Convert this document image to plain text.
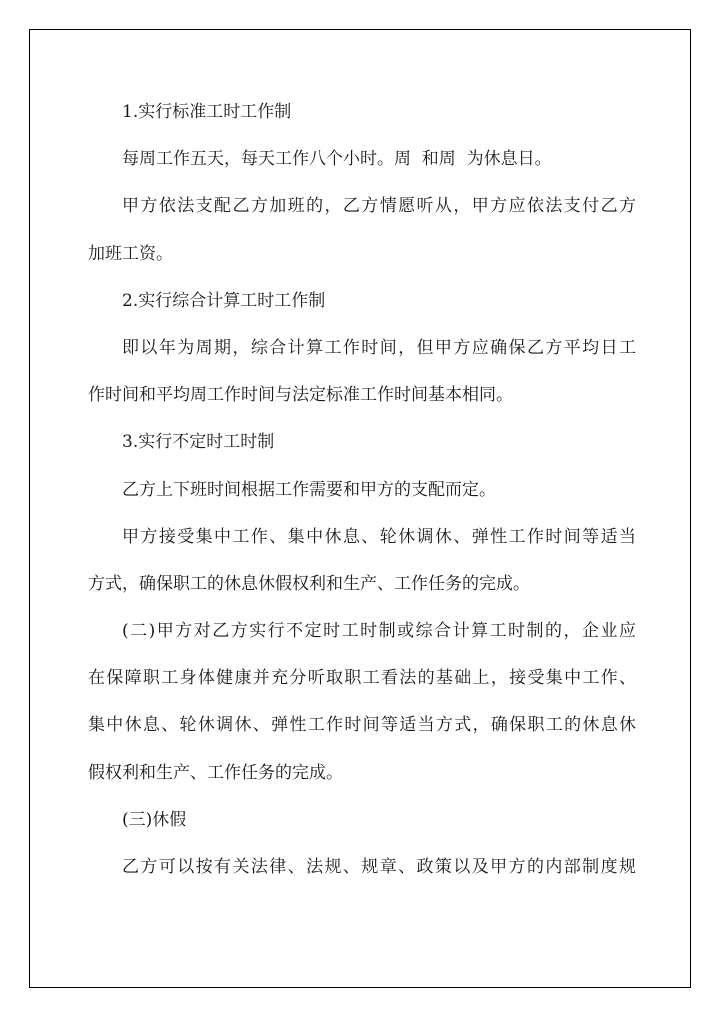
1.实行标准工时工作制
每周工作五天，每天工作八个小时。周  和周  为休息日。
甲方依法支配乙方加班的，乙方情愿听从，甲方应依法支付乙方
加班工资。
2.实行综合计算工时工作制
即以年为周期，综合计算工作时间，但甲方应确保乙方平均日工
作时间和平均周工作时间与法定标准工作时间基本相同。
3.实行不定时工时制
乙方上下班时间根据工作需要和甲方的支配而定。
甲方接受集中工作、集中休息、轮休调休、弹性工作时间等适当
方式，确保职工的休息休假权利和生产、工作任务的完成。
(二)甲方对乙方实行不定时工时制或综合计算工时制的，企业应
在保障职工身体健康并充分听取职工看法的基础上，接受集中工作、
集中休息、轮休调休、弹性工作时间等适当方式，确保职工的休息休
假权利和生产、工作任务的完成。
(三)休假
乙方可以按有关法律、法规、规章、政策以及甲方的内部制度规
